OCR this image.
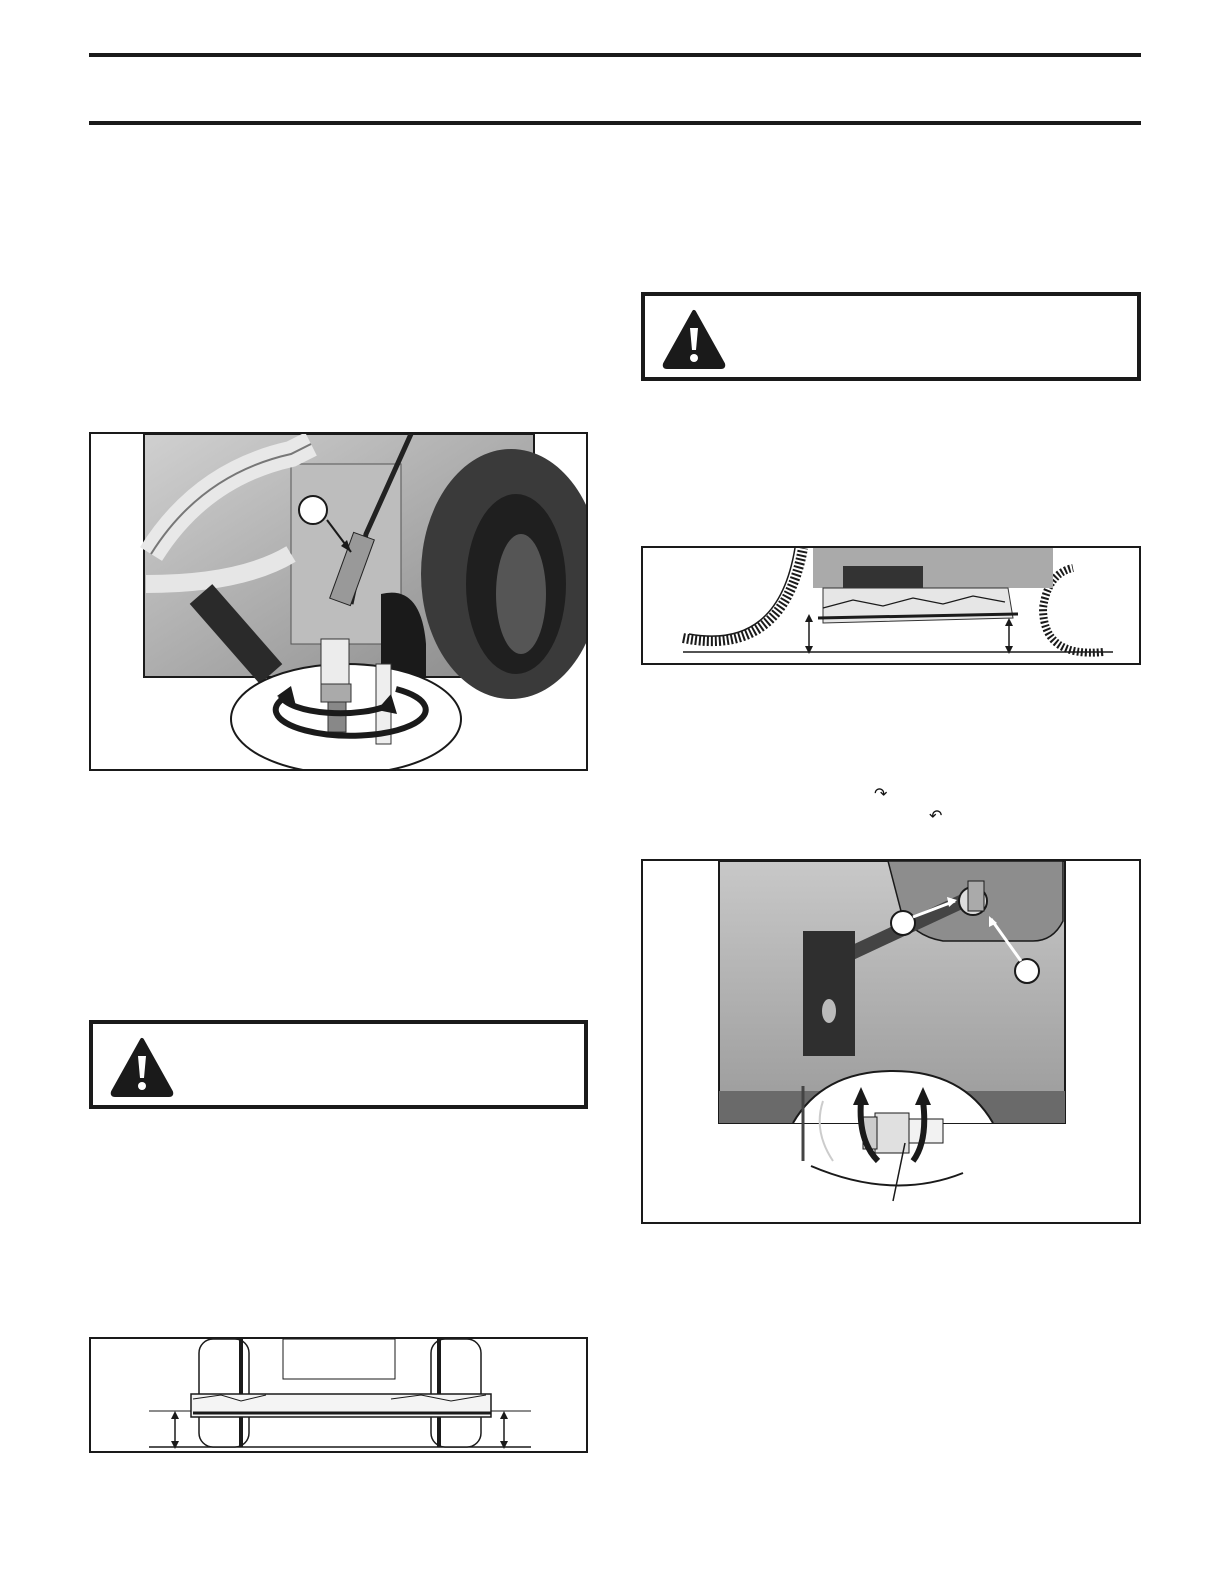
↷
↶
